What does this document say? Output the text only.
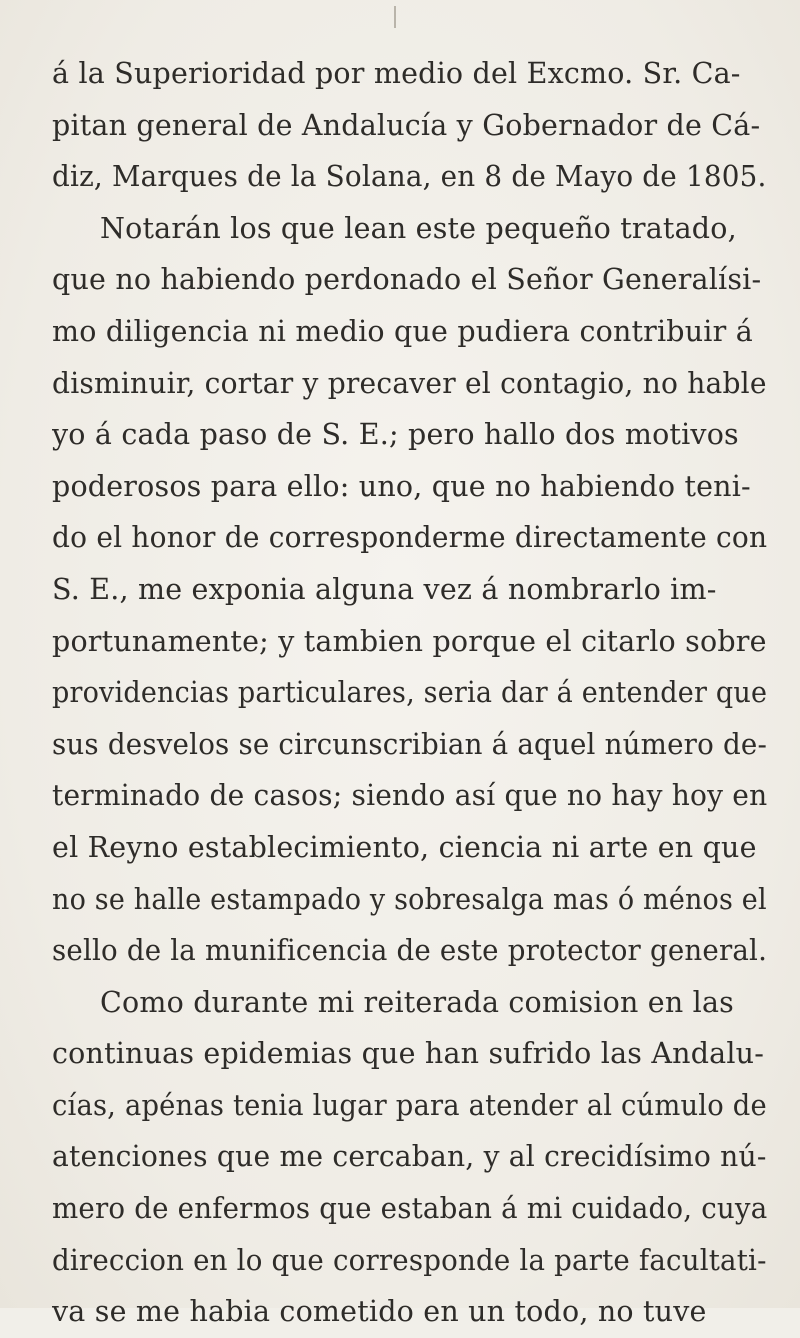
á la Superioridad por medio del Excmo. Sr. Ca-
pitan general de Andalucía y Gobernador de Cá-
diz, Marques de la Solana, en 8 de Mayo de 1805.
Notarán los que lean este pequeño tratado,
que no habiendo perdonado el Señor Generalísi-
mo diligencia ni medio que pudiera contribuir á
disminuir, cortar y precaver el contagio, no hable
yo á cada paso de S. E.; pero hallo dos motivos
poderosos para ello: uno, que no habiendo teni-
do el honor de corresponderme directamente con
S. E., me exponia alguna vez á nombrarlo im-
portunamente; y tambien porque el citarlo sobre
providencias particulares, seria dar á entender que
sus desvelos se circunscribian á aquel número de-
terminado de casos; siendo así que no hay hoy en
el Reyno establecimiento, ciencia ni arte en que
no se halle estampado y sobresalga mas ó ménos el
sello de la munificencia de este protector general.
Como durante mi reiterada comision en las
continuas epidemias que han sufrido las Andalu-
cías, apénas tenia lugar para atender al cúmulo de
atenciones que me cercaban, y al crecidísimo nú-
mero de enfermos que estaban á mi cuidado, cuya
direccion en lo que corresponde la parte facultati-
va se me habia cometido en un todo, no tuve
